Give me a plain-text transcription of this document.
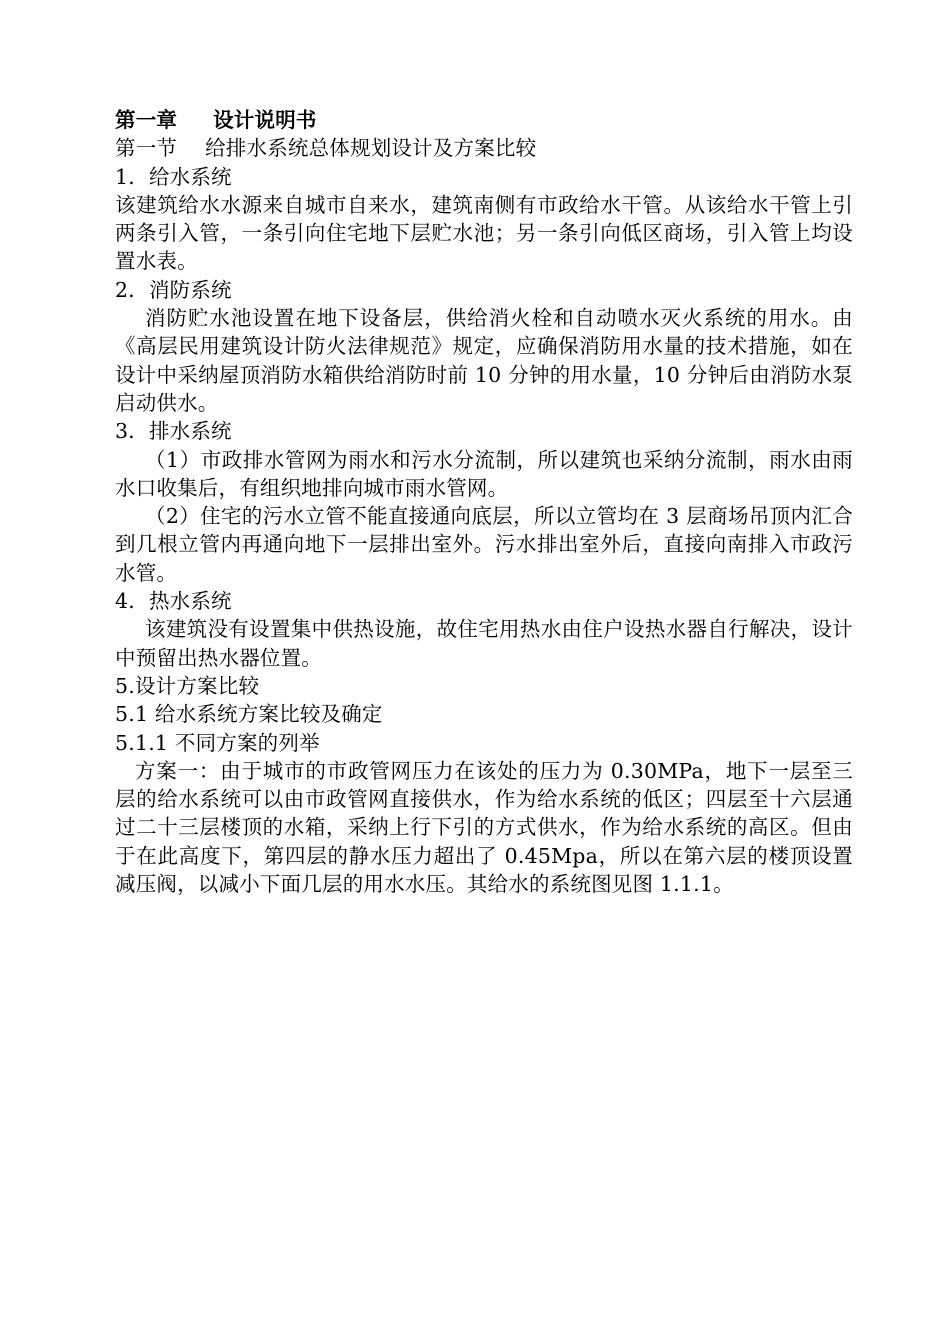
第一章 设计说明书
第一节 给排水系统总体规划设计及方案比较
1．给水系统
该建筑给水水源来自城市自来水，建筑南侧有市政给水干管。从该给水干管上引两条引入管，一条引向住宅地下层贮水池；另一条引向低区商场，引入管上均设置水表。
2．消防系统
消防贮水池设置在地下设备层，供给消火栓和自动喷水灭火系统的用水。由《高层民用建筑设计防火法律规范》规定，应确保消防用水量的技术措施，如在设计中采纳屋顶消防水箱供给消防时前 10 分钟的用水量，10 分钟后由消防水泵启动供水。
3．排水系统
（1）市政排水管网为雨水和污水分流制，所以建筑也采纳分流制，雨水由雨水口收集后，有组织地排向城市雨水管网。
（2）住宅的污水立管不能直接通向底层，所以立管均在 3 层商场吊顶内汇合到几根立管内再通向地下一层排出室外。污水排出室外后，直接向南排入市政污水管。
4．热水系统
该建筑没有设置集中供热设施，故住宅用热水由住户设热水器自行解决，设计中预留出热水器位置。
5.设计方案比较
5.1 给水系统方案比较及确定
5.1.1 不同方案的列举
方案一：由于城市的市政管网压力在该处的压力为 0.30MPa，地下一层至三层的给水系统可以由市政管网直接供水，作为给水系统的低区；四层至十六层通过二十三层楼顶的水箱，采纳上行下引的方式供水，作为给水系统的高区。但由于在此高度下，第四层的静水压力超出了 0.45Mpa，所以在第六层的楼顶设置减压阀，以减小下面几层的用水水压。其给水的系统图见图 1.1.1。
